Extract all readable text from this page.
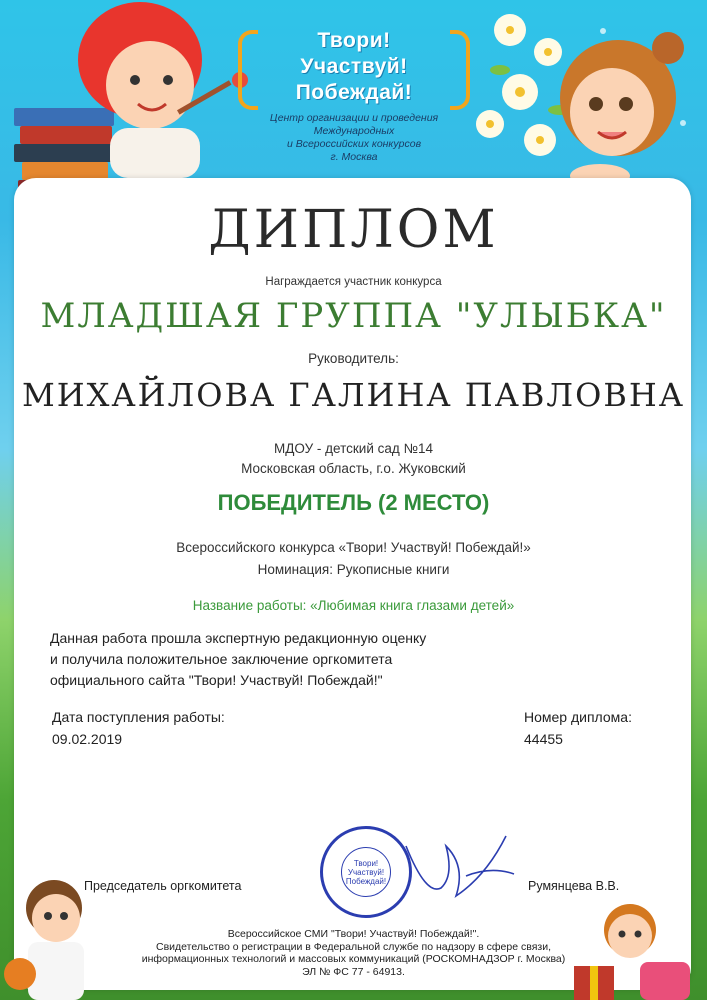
Твори!
Участвуй!
Побеждай!
Центр организации и проведения Международных
и Всероссийских конкурсов
г. Москва
ДИПЛОМ
Награждается участник конкурса
МЛАДШАЯ ГРУППА "УЛЫБКА"
Руководитель:
МИХАЙЛОВА ГАЛИНА ПАВЛОВНА
МДОУ - детский сад №14
Московская область, г.о. Жуковский
ПОБЕДИТЕЛЬ (2 МЕСТО)
Всероссийского конкурса «Твори! Участвуй! Побеждай!»
Номинация: Рукописные книги
Название работы: «Любимая книга глазами детей»
Данная работа прошла экспертную редакционную оценку
и получила положительное заключение оргкомитета
официального сайта "Твори! Участвуй! Побеждай!"
Дата поступления работы:
09.02.2019
Номер диплома:
44455
Председатель оргкомитета	Румянцева В.В.
Твори!
Участвуй!
Побеждай!
Всероссийское СМИ "Твори! Участвуй! Побеждай!".
Свидетельство о регистрации в Федеральной службе по надзору в сфере связи,
информационных технологий и массовых коммуникаций (РОСКОМНАДЗОР г. Москва)
ЭЛ № ФС 77 - 64913.
